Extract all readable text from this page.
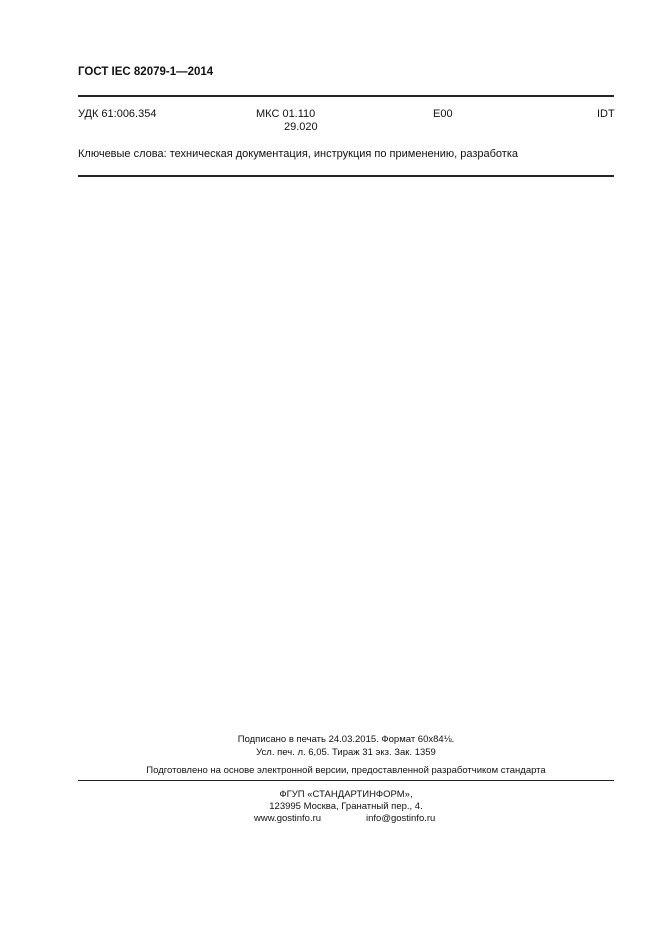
ГОСТ IEC 82079-1—2014
УДК 61:006.354	МКС 01.110
29.020
Е00	IDT
Ключевые слова: техническая документация, инструкция по применению, разработка
Подписано в печать 24.03.2015. Формат 60x84⅛.
Усл. печ. л. 6,05. Тираж 31 экз. Зак. 1359
Подготовлено на основе электронной версии, предоставленной разработчиком стандарта
ФГУП «СТАНДАРТИНФОРМ»,
123995 Москва, Гранатный пер., 4.
www.gostinfo.ru	info@gostinfo.ru
